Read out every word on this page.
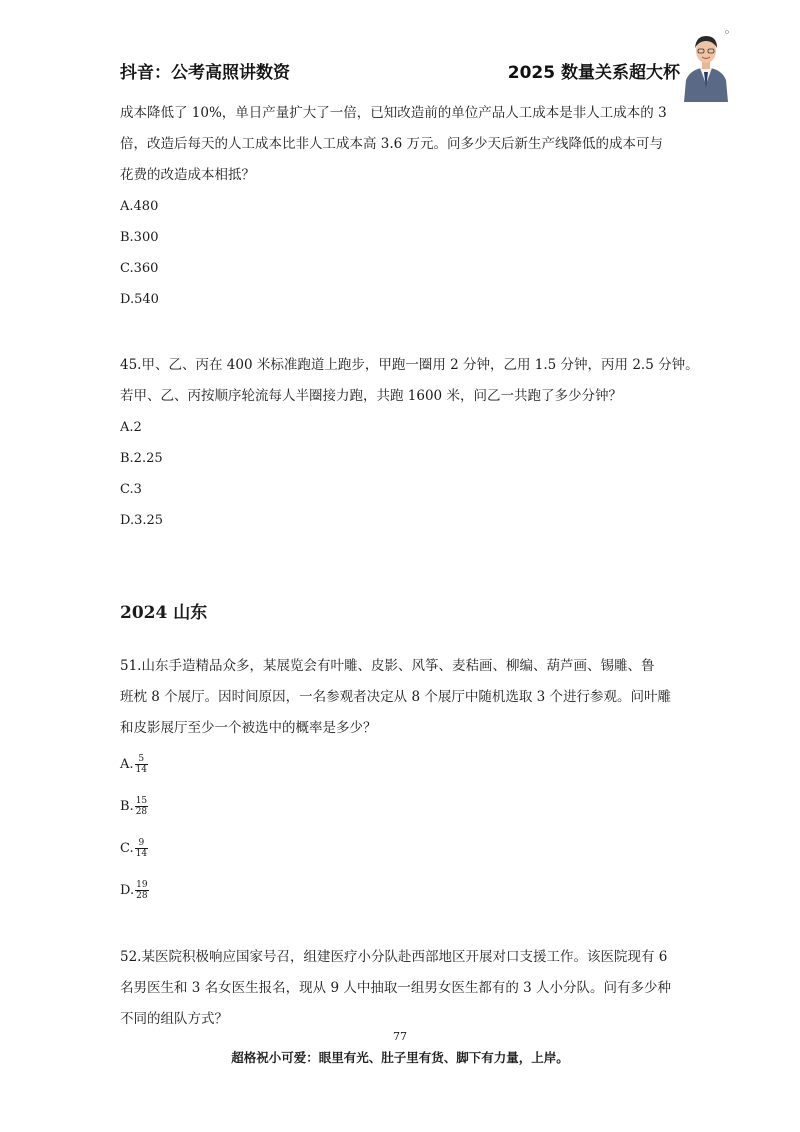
抖音：公考高照讲数资	2025 数量关系超大杯
成本降低了 10%，单日产量扩大了一倍，已知改造前的单位产品人工成本是非人工成本的 3
倍，改造后每天的人工成本比非人工成本高 3.6 万元。问多少天后新生产线降低的成本可与
花费的改造成本相抵？
A.480
B.300
C.360
D.540
45.甲、乙、丙在 400 米标准跑道上跑步，甲跑一圈用 2 分钟，乙用 1.5 分钟，丙用 2.5 分钟。
若甲、乙、丙按顺序轮流每人半圈接力跑，共跑 1600 米，问乙一共跑了多少分钟？
A.2
B.2.25
C.3
D.3.25
2024 山东
51.山东手造精品众多，某展览会有叶雕、皮影、风筝、麦秸画、柳编、葫芦画、锡雕、鲁
班枕 8 个展厅。因时间原因，一名参观者决定从 8 个展厅中随机选取 3 个进行参观。问叶雕
和皮影展厅至少一个被选中的概率是多少？
A. $\frac{5}{14}$
B. $\frac{15}{28}$
C. $\frac{9}{14}$
D. $\frac{19}{28}$
52.某医院积极响应国家号召，组建医疗小分队赴西部地区开展对口支援工作。该医院现有 6
名男医生和 3 名女医生报名，现从 9 人中抽取一组男女医生都有的 3 人小分队。问有多少种
不同的组队方式？
77
超格祝小可爱：眼里有光、肚子里有货、脚下有力量，上岸。
